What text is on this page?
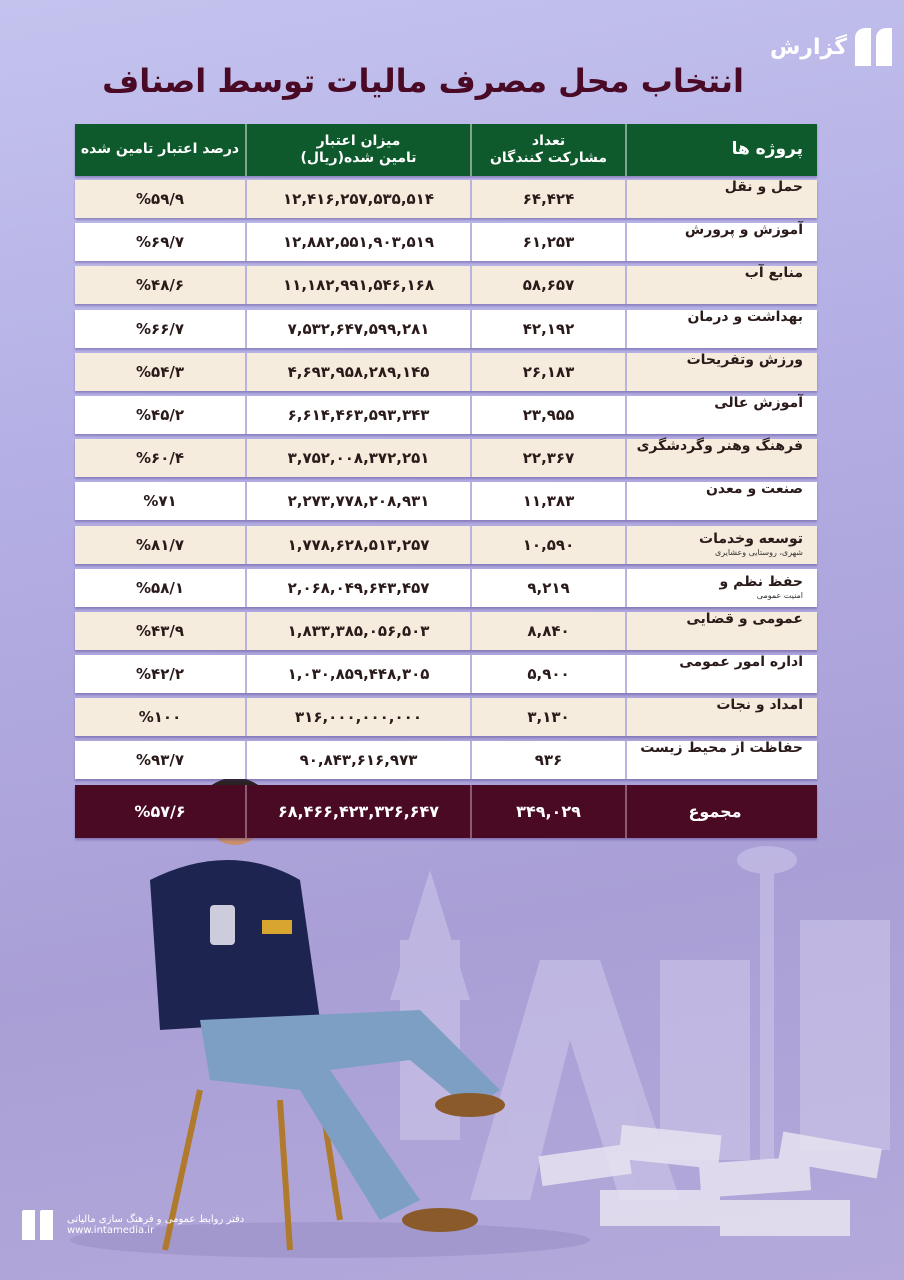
گزارش
انتخاب محل مصرف مالیات توسط اصناف
پروژه ها
تعداد
مشارکت کنندگان
میزان اعتبار
تامین شده(ریال)
درصد اعتبار تامین شده
حمل و نقل
۶۴,۴۲۴
۱۲,۴۱۶,۲۵۷,۵۳۵,۵۱۴
%۵۹/۹
آموزش و پرورش
۶۱,۲۵۳
۱۲,۸۸۲,۵۵۱,۹۰۳,۵۱۹
%۶۹/۷
منابع آب
۵۸,۶۵۷
۱۱,۱۸۲,۹۹۱,۵۴۶,۱۶۸
%۴۸/۶
بهداشت و درمان
۴۲,۱۹۲
۷,۵۳۲,۶۴۷,۵۹۹,۲۸۱
%۶۶/۷
ورزش وتفریحات
۲۶,۱۸۳
۴,۶۹۳,۹۵۸,۲۸۹,۱۴۵
%۵۴/۳
آموزش عالی
۲۳,۹۵۵
۶,۶۱۴,۴۶۳,۵۹۳,۳۴۳
%۴۵/۲
فرهنگ وهنر وگردشگری
۲۲,۳۶۷
۳,۷۵۲,۰۰۸,۳۷۲,۲۵۱
%۶۰/۴
صنعت و معدن
۱۱,۳۸۳
۲,۲۷۳,۷۷۸,۲۰۸,۹۳۱
%۷۱
توسعه وخدمات
شهری، روستایی وعشایری
۱۰,۵۹۰
۱,۷۷۸,۶۲۸,۵۱۳,۲۵۷
%۸۱/۷
حفظ نظم و
امنیت عمومی
۹,۲۱۹
۲,۰۶۸,۰۴۹,۶۴۳,۴۵۷
%۵۸/۱
عمومی و قضایی
۸,۸۴۰
۱,۸۳۳,۳۸۵,۰۵۶,۵۰۳
%۴۳/۹
اداره امور عمومی
۵,۹۰۰
۱,۰۳۰,۸۵۹,۴۴۸,۳۰۵
%۴۲/۲
امداد و نجات
۳,۱۳۰
۳۱۶,۰۰۰,۰۰۰,۰۰۰
%۱۰۰
حفاظت از محیط زیست
۹۳۶
۹۰,۸۴۳,۶۱۶,۹۷۳
%۹۳/۷
مجموع
۳۴۹,۰۲۹
۶۸,۴۶۶,۴۲۳,۳۲۶,۶۴۷
%۵۷/۶
دفتر روابط عمومی و فرهنگ سازی مالیاتی
www.intamedia.ir
